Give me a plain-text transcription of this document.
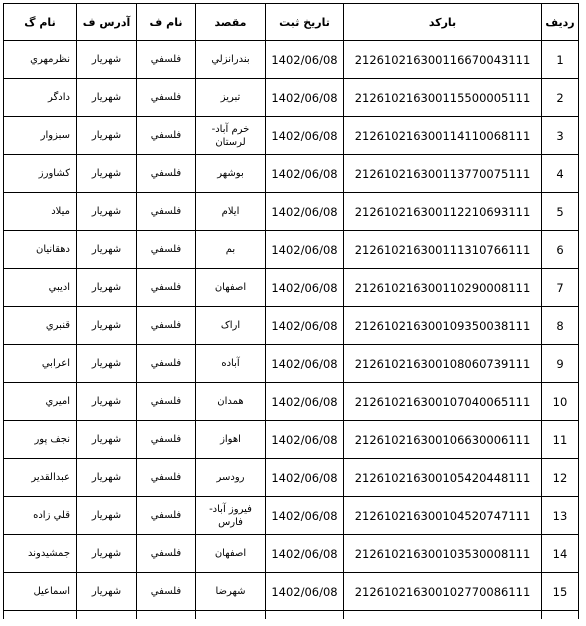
نام گ	آدرس ف	نام ف	مقصد	تاریخ ثبت	بارکد	ردیف
نظرمهري	شهريار	فلسفي	بندرانزلي	1402/06/08	212610216300116670043111	1
دادگر	شهريار	فلسفي	تبريز	1402/06/08	212610216300115500005111	2
سبزوار	شهريار	فلسفي	خرم آباد-لرستان	1402/06/08	212610216300114110068111	3
كشاورز	شهريار	فلسفي	بوشهر	1402/06/08	212610216300113770075111	4
ميلاد	شهريار	فلسفي	ايلام	1402/06/08	212610216300112210693111	5
دهقانيان	شهريار	فلسفي	بم	1402/06/08	212610216300111310766111	6
اديبي	شهريار	فلسفي	اصفهان	1402/06/08	212610216300110290008111	7
قنبري	شهريار	فلسفي	اراک	1402/06/08	212610216300109350038111	8
اعرابي	شهريار	فلسفي	آباده	1402/06/08	212610216300108060739111	9
اميري	شهريار	فلسفي	همدان	1402/06/08	212610216300107040065111	10
نجف پور	شهريار	فلسفي	اهواز	1402/06/08	212610216300106630006111	11
عبدالقدير	شهريار	فلسفي	رودسر	1402/06/08	212610216300105420448111	12
قلي زاده	شهريار	فلسفي	فيروز آباد-فارس	1402/06/08	212610216300104520747111	13
جمشيدوند	شهريار	فلسفي	اصفهان	1402/06/08	212610216300103530008111	14
اسماعيل	شهريار	فلسفي	شهرضا	1402/06/08	212610216300102770086111	15
